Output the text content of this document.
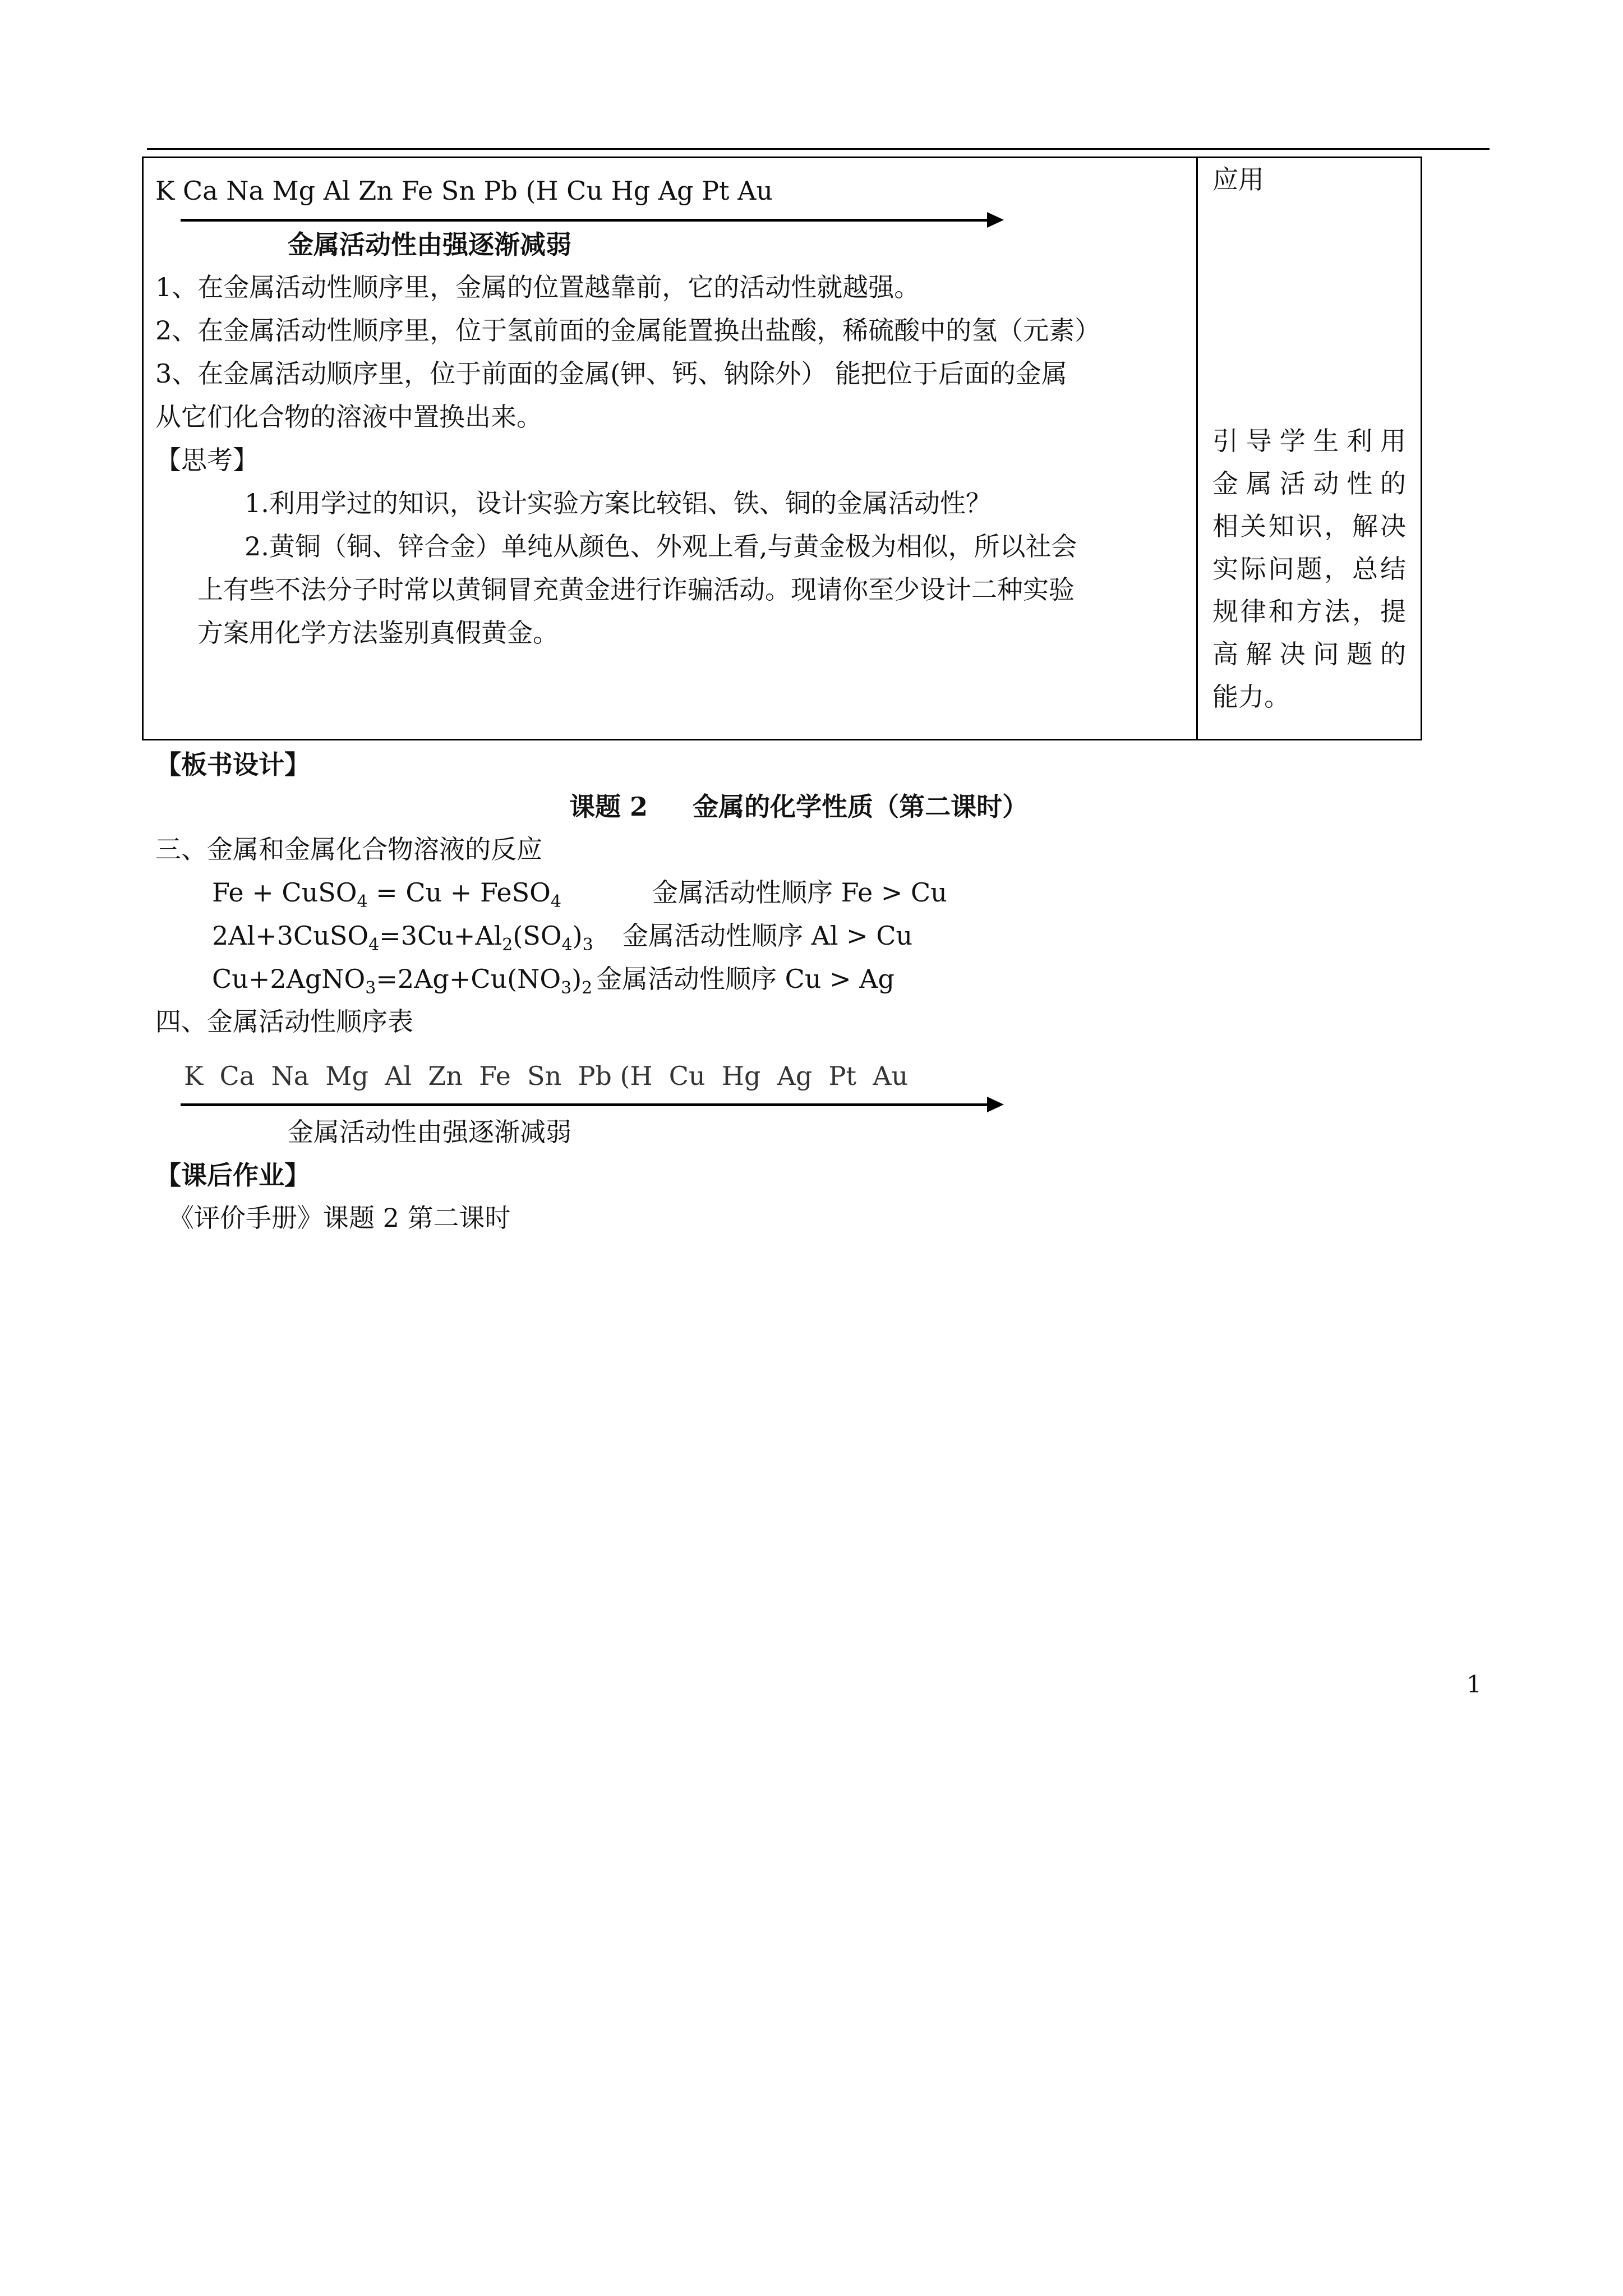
K Ca Na Mg Al Zn Fe Sn Pb (H Cu Hg Ag Pt Au
金属活动性由强逐渐减弱
1、在金属活动性顺序里，金属的位置越靠前，它的活动性就越强。
2、在金属活动性顺序里，位于氢前面的金属能置换出盐酸，稀硫酸中的氢（元素）
3、在金属活动顺序里，位于前面的金属(钾、钙、钠除外） 能把位于后面的金属
从它们化合物的溶液中置换出来。
【思考】
1.利用学过的知识，设计实验方案比较铝、铁、铜的金属活动性？
2.黄铜（铜、锌合金）单纯从颜色、外观上看,与黄金极为相似，所以社会
上有些不法分子时常以黄铜冒充黄金进行诈骗活动。现请你至少设计二种实验
方案用化学方法鉴别真假黄金。
应用
引导学生利用
金属活动性的
相关知识，解决
实际问题，总结
规律和方法，提
高解决问题的
能力。
【板书设计】
课题 2     金属的化学性质（第二课时）
三、金属和金属化合物溶液的反应
Fe + CuSO$_4$ = Cu + FeSO$_4$	金属活动性顺序 Fe > Cu
$2Al+3CuSO_4=3Cu+Al_2(SO_4)_3$ 金属活动性顺序 Al > Cu
$Cu+2AgNO_3=2Ag+Cu(NO_3)_2$ 金属活动性顺序 Cu > Ag
四、金属活动性顺序表
K  Ca  Na  Mg  Al  Zn  Fe  Sn  Pb (H  Cu  Hg  Ag  Pt  Au
金属活动性由强逐渐减弱
【课后作业】
《评价手册》课题 2 第二课时
1
